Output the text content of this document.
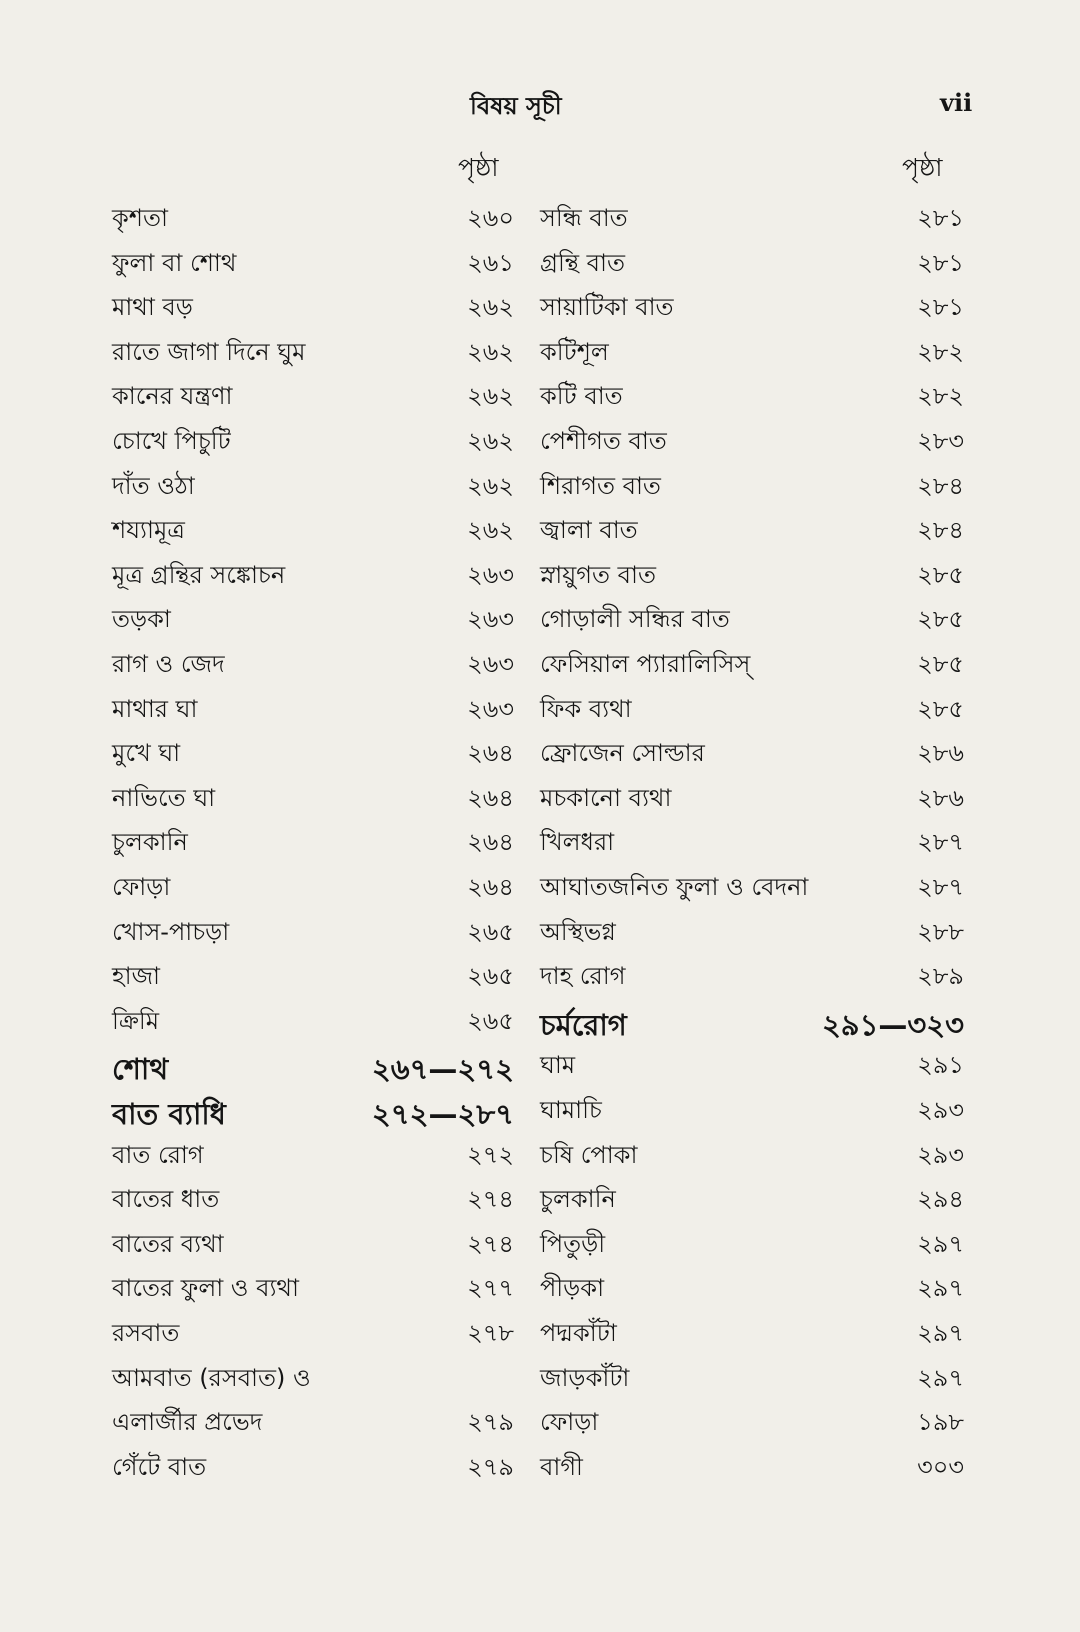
বিষয় সূচী	vii
পৃষ্ঠা	পৃষ্ঠা
কৃশতা	২৬০
ফুলা বা শোথ	২৬১
মাথা বড়	২৬২
রাতে জাগা দিনে ঘুম	২৬২
কানের যন্ত্রণা	২৬২
চোখে পিচুটি	২৬২
দাঁত ওঠা	২৬২
শয্যামূত্র	২৬২
মূত্র গ্রন্থির সঙ্কোচন	২৬৩
তড়কা	২৬৩
রাগ ও জেদ	২৬৩
মাথার ঘা	২৬৩
মুখে ঘা	২৬৪
নাভিতে ঘা	২৬৪
চুলকানি	২৬৪
ফোড়া	২৬৪
খোস-পাচড়া	২৬৫
হাজা	২৬৫
ক্রিমি	২৬৫
শোথ	২৬৭—২৭২
বাত ব্যাধি	২৭২—২৮৭
বাত রোগ	২৭২
বাতের ধাত	২৭৪
বাতের ব্যথা	২৭৪
বাতের ফুলা ও ব্যথা	২৭৭
রসবাত	২৭৮
আমবাত (রসবাত) ও
এলার্জীর প্রভেদ	২৭৯
গেঁটে বাত	২৭৯
সন্ধি বাত	২৮১
গ্রন্থি বাত	২৮১
সায়াটিকা বাত	২৮১
কটিশূল	২৮২
কটি বাত	২৮২
পেশীগত বাত	২৮৩
শিরাগত বাত	২৮৪
জ্বালা বাত	২৮৪
স্নায়ুগত বাত	২৮৫
গোড়ালী সন্ধির বাত	২৮৫
ফেসিয়াল প্যারালিসিস্	২৮৫
ফিক ব্যথা	২৮৫
ফ্রোজেন সোল্ডার	২৮৬
মচকানো ব্যথা	২৮৬
খিলধরা	২৮৭
আঘাতজনিত ফুলা ও বেদনা	২৮৭
অস্থিভগ্ন	২৮৮
দাহ রোগ	২৮৯
চর্মরোগ	২৯১—৩২৩
ঘাম	২৯১
ঘামাচি	২৯৩
চষি পোকা	২৯৩
চুলকানি	২৯৪
পিতুড়ী	২৯৭
পীড়কা	২৯৭
পদ্মকাঁটা	২৯৭
জাড়কাঁটা	২৯৭
ফোড়া	১৯৮
বাগী	৩০৩
